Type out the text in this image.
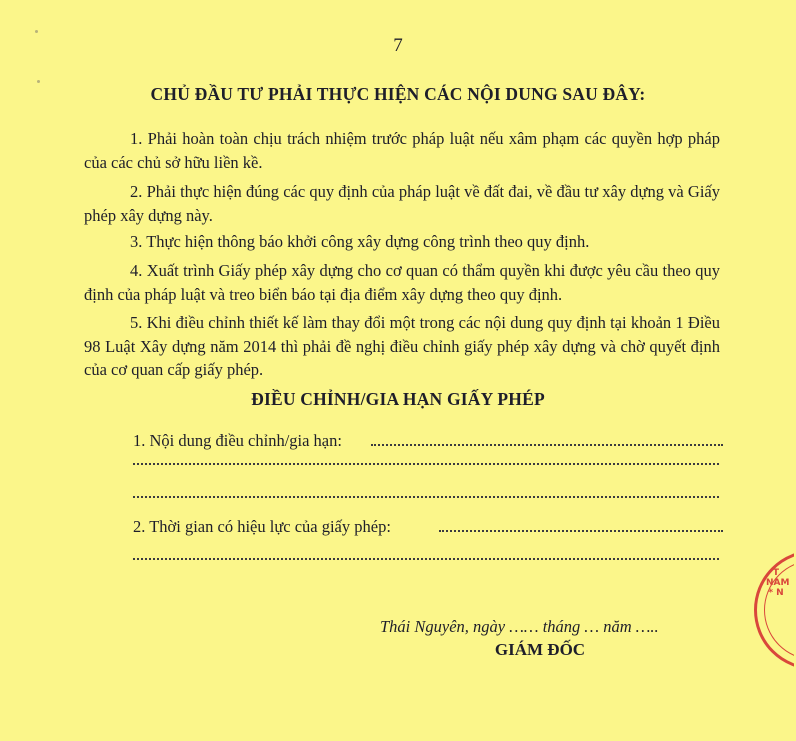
7
CHỦ ĐẦU TƯ PHẢI THỰC HIỆN CÁC NỘI DUNG SAU ĐÂY:
1. Phải hoàn toàn chịu trách nhiệm trước pháp luật nếu xâm phạm các quyền hợp pháp của các chủ sở hữu liền kề.
2. Phải thực hiện đúng các quy định của pháp luật về đất đai, về đầu tư xây dựng và Giấy phép xây dựng này.
3. Thực hiện thông báo khởi công xây dựng công trình theo quy định.
4. Xuất trình Giấy phép xây dựng cho cơ quan có thẩm quyền khi được yêu cầu theo quy định của pháp luật và treo biển báo tại địa điểm xây dựng theo quy định.
5. Khi điều chỉnh thiết kế làm thay đổi một trong các nội dung quy định tại khoản 1 Điều 98 Luật Xây dựng năm 2014 thì phải đề nghị điều chỉnh giấy phép xây dựng và chờ quyết định của cơ quan cấp giấy phép.
ĐIỀU CHỈNH/GIA HẠN GIẤY PHÉP
1. Nội dung điều chỉnh/gia hạn:
2. Thời gian có hiệu lực của giấy phép:
Thái Nguyên, ngày …… tháng … năm …..
GIÁM ĐỐC
T NAM * N
